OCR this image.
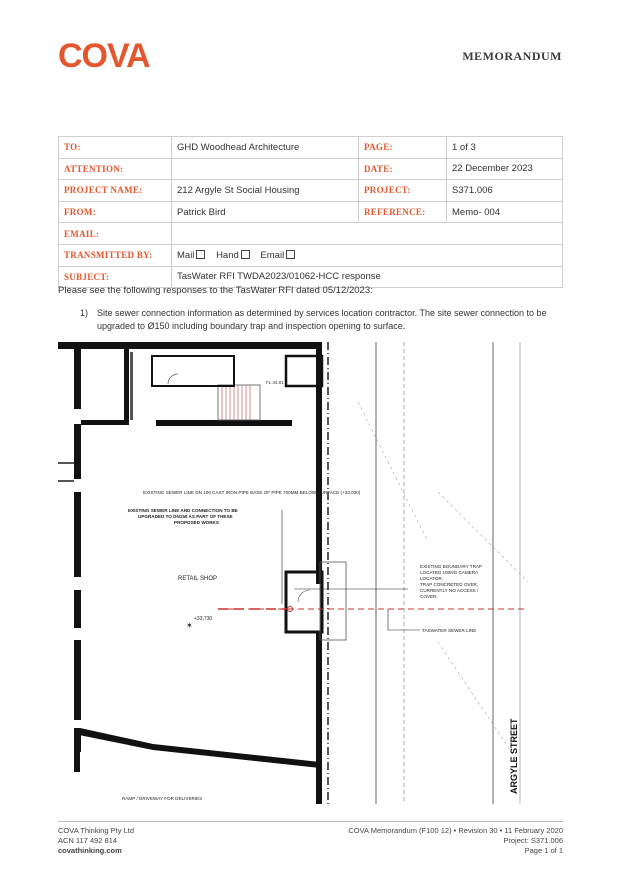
COVA	MEMORANDUM
TO:	GHD Woodhead Architecture	PAGE:	1 of 3
ATTENTION:		DATE:	22 December 2023
PROJECT NAME:	212 Argyle St Social Housing	PROJECT:	S371.006
FROM:	Patrick Bird	REFERENCE:	Memo- 004
EMAIL:			
TRANSMITTED BY:	Mail Hand Email		
SUBJECT:	TasWater RFI TWDA2023/01062-HCC response		
Please see the following responses to the TasWater RFI dated 05/12/2023:
1) Site sewer connection information as determined by services location contractor. The site sewer connection to be upgraded to Ø150 including boundary trap and inspection opening to surface.
FL 34.81
EXISTING SEWER LINE DN 100 CAST IRON PIPE BASE OF PIPE 700MM BELOW SURFACE (+33,030)
EXISTING SEWER LINE AND CONNECTION TO BE
UPGRADED TO DN150 AS PART OF THESE
PROPOSED WORKS
RETAIL SHOP
+33,730
✶
EXISTING BOUNDARY TRAP
LOCATED USING CAMERA
LOCATOR.
TRAP CONCRETED OVER,
CURRENTLY NO ACCESS /
COVER.
TASWATER SEWER LINE
ARGYLE STREET
RAMP / DRIVEWAY FOR DELIVERIES
COVA Thinking Pty Ltd
ACN 117 492 814
covathinking.com
COVA Memorandum (F100 12) • Revision 30 • 11 February 2020
Project: S371.006
Page 1 of 1
